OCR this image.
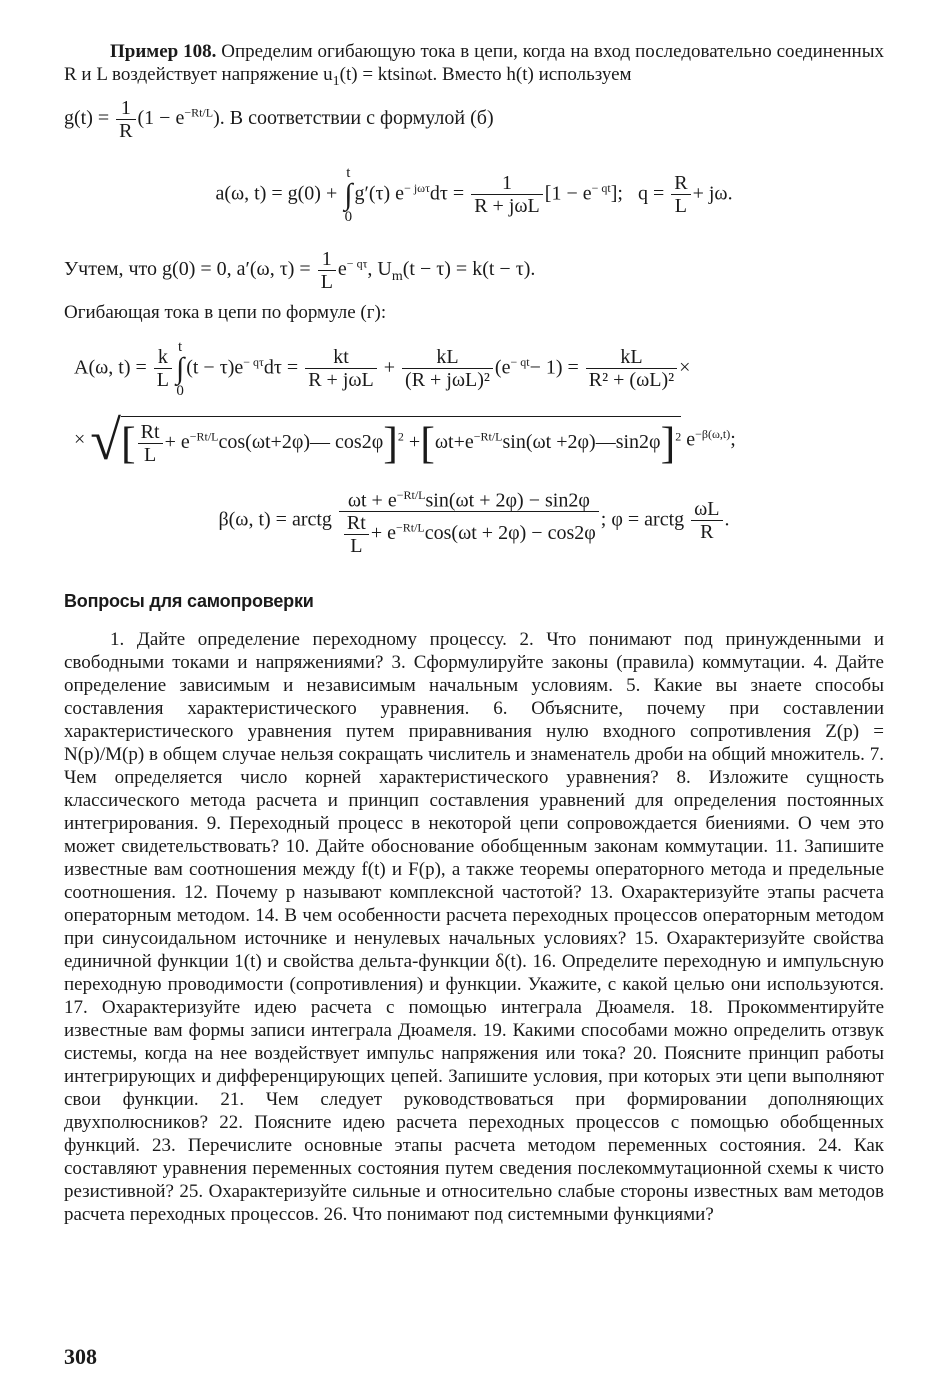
Пример 108. Определим огибающую тока в цепи, когда на вход последовательно соединенных R и L воздействует напряжение $u_1(t) = ktsin\omega t$. Вместо h(t) используем

$g(t) = \frac{1}{R} (1 - e^{-Rt/L})$. В соответствии с формулой (б)

a(ω, t) = g(0) + t
∫
0g′(τ) $e^{- j\omega\tau}d\tau = \frac{1}{\text{R + jωL}} [1 - e^{- qt}]$; $q = \frac{R}{L} + j\omega$.

Учтем, что g(0) = 0, a′(ω, $\tau) = \frac{1}{L} e^{- q\tau}$, $U_m(t - \tau) = k(t - \tau)$.

Огибающая тока в цепи по формуле (г):

A(ω, $t) = \frac{k}{L}$ t
∫
$0(t - \tau)e^{- q\tau}d\tau = \frac{kt}{\text{R + jωL}} + \frac{kL}{\text{(R + jωL)²}} (e^{- qt}- 1) = \frac{kL}{\text{R² + (ωL)²}}$ ×

× √[ $\frac{Rt}{L}$ + $e^{-Rt/L}\cos(\omega t+2\varphi)—$ $\cos 2\varphi]^2 +[\omega t+e^{-Rt/L}\sin(\omega t$ +2φ)—sin2φ]$^2$ $e^{-\beta(\omega,t)}$;

β(ω, t) = arctg $\frac{\omega t + e^{-Rt/L}\sin(\omega t + 2\varphi) - \sin 2\varphi}{\frac{Rt}{L} + e^{-Rt/L}\cos(\omega t + 2\varphi) - \cos 2\varphi}$ ; φ = arctg $\frac{\omega L}{R}$ .

Вопросы для самопроверки

1. Дайте определение переходному процессу. 2. Что понимают под принужденными и свободными токами и напряжениями? 3. Сформулируйте законы (правила) коммутации. 4. Дайте определение зависимым и независимым начальным условиям. 5. Какие вы знаете способы составления характеристического уравнения. 6. Объясните, почему при составлении характеристического уравнения путем приравнивания нулю входного сопротивления Z(p) = N(p)/M(p) в общем случае нельзя сокращать числитель и знаменатель дроби на общий множитель. 7. Чем определяется число корней характеристического уравнения? 8. Изложите сущность классического метода расчета и принцип составления уравнений для определения постоянных интегрирования. 9. Переходный процесс в некоторой цепи сопровождается биениями. О чем это может свидетельствовать? 10. Дайте обоснование обобщенным законам коммутации. 11. Запишите известные вам соотношения между f(t) и F(p), а также теоремы операторного метода и предельные соотношения. 12. Почему p называют комплексной частотой? 13. Охарактеризуйте этапы расчета операторным методом. 14. В чем особенности расчета переходных процессов операторным методом при синусоидальном источнике и ненулевых начальных условиях? 15. Охарактеризуйте свойства единичной функции 1(t) и свойства дельта-функции δ(t). 16. Определите переходную и импульсную переходную проводимости (сопротивления) и функции. Укажите, с какой целью они используются. 17. Охарактеризуйте идею расчета с помощью интеграла Дюамеля. 18. Прокомментируйте известные вам формы записи интеграла Дюамеля. 19. Какими способами можно определить отзвук системы, когда на нее воздействует импульс напряжения или тока? 20. Поясните принцип работы интегрирующих и дифференцирующих цепей. Запишите условия, при которых эти цепи выполняют свои функции. 21. Чем следует руководствоваться при формировании дополняющих двухполюсников? 22. Поясните идею расчета переходных процессов с помощью обобщенных функций. 23. Перечислите основные этапы расчета методом переменных состояния. 24. Как составляют уравнения переменных состояния путем сведения послекоммутационной схемы к чисто резистивной? 25. Охарактеризуйте сильные и относительно слабые стороны известных вам методов расчета переходных процессов. 26. Что понимают под системными функциями?

308
